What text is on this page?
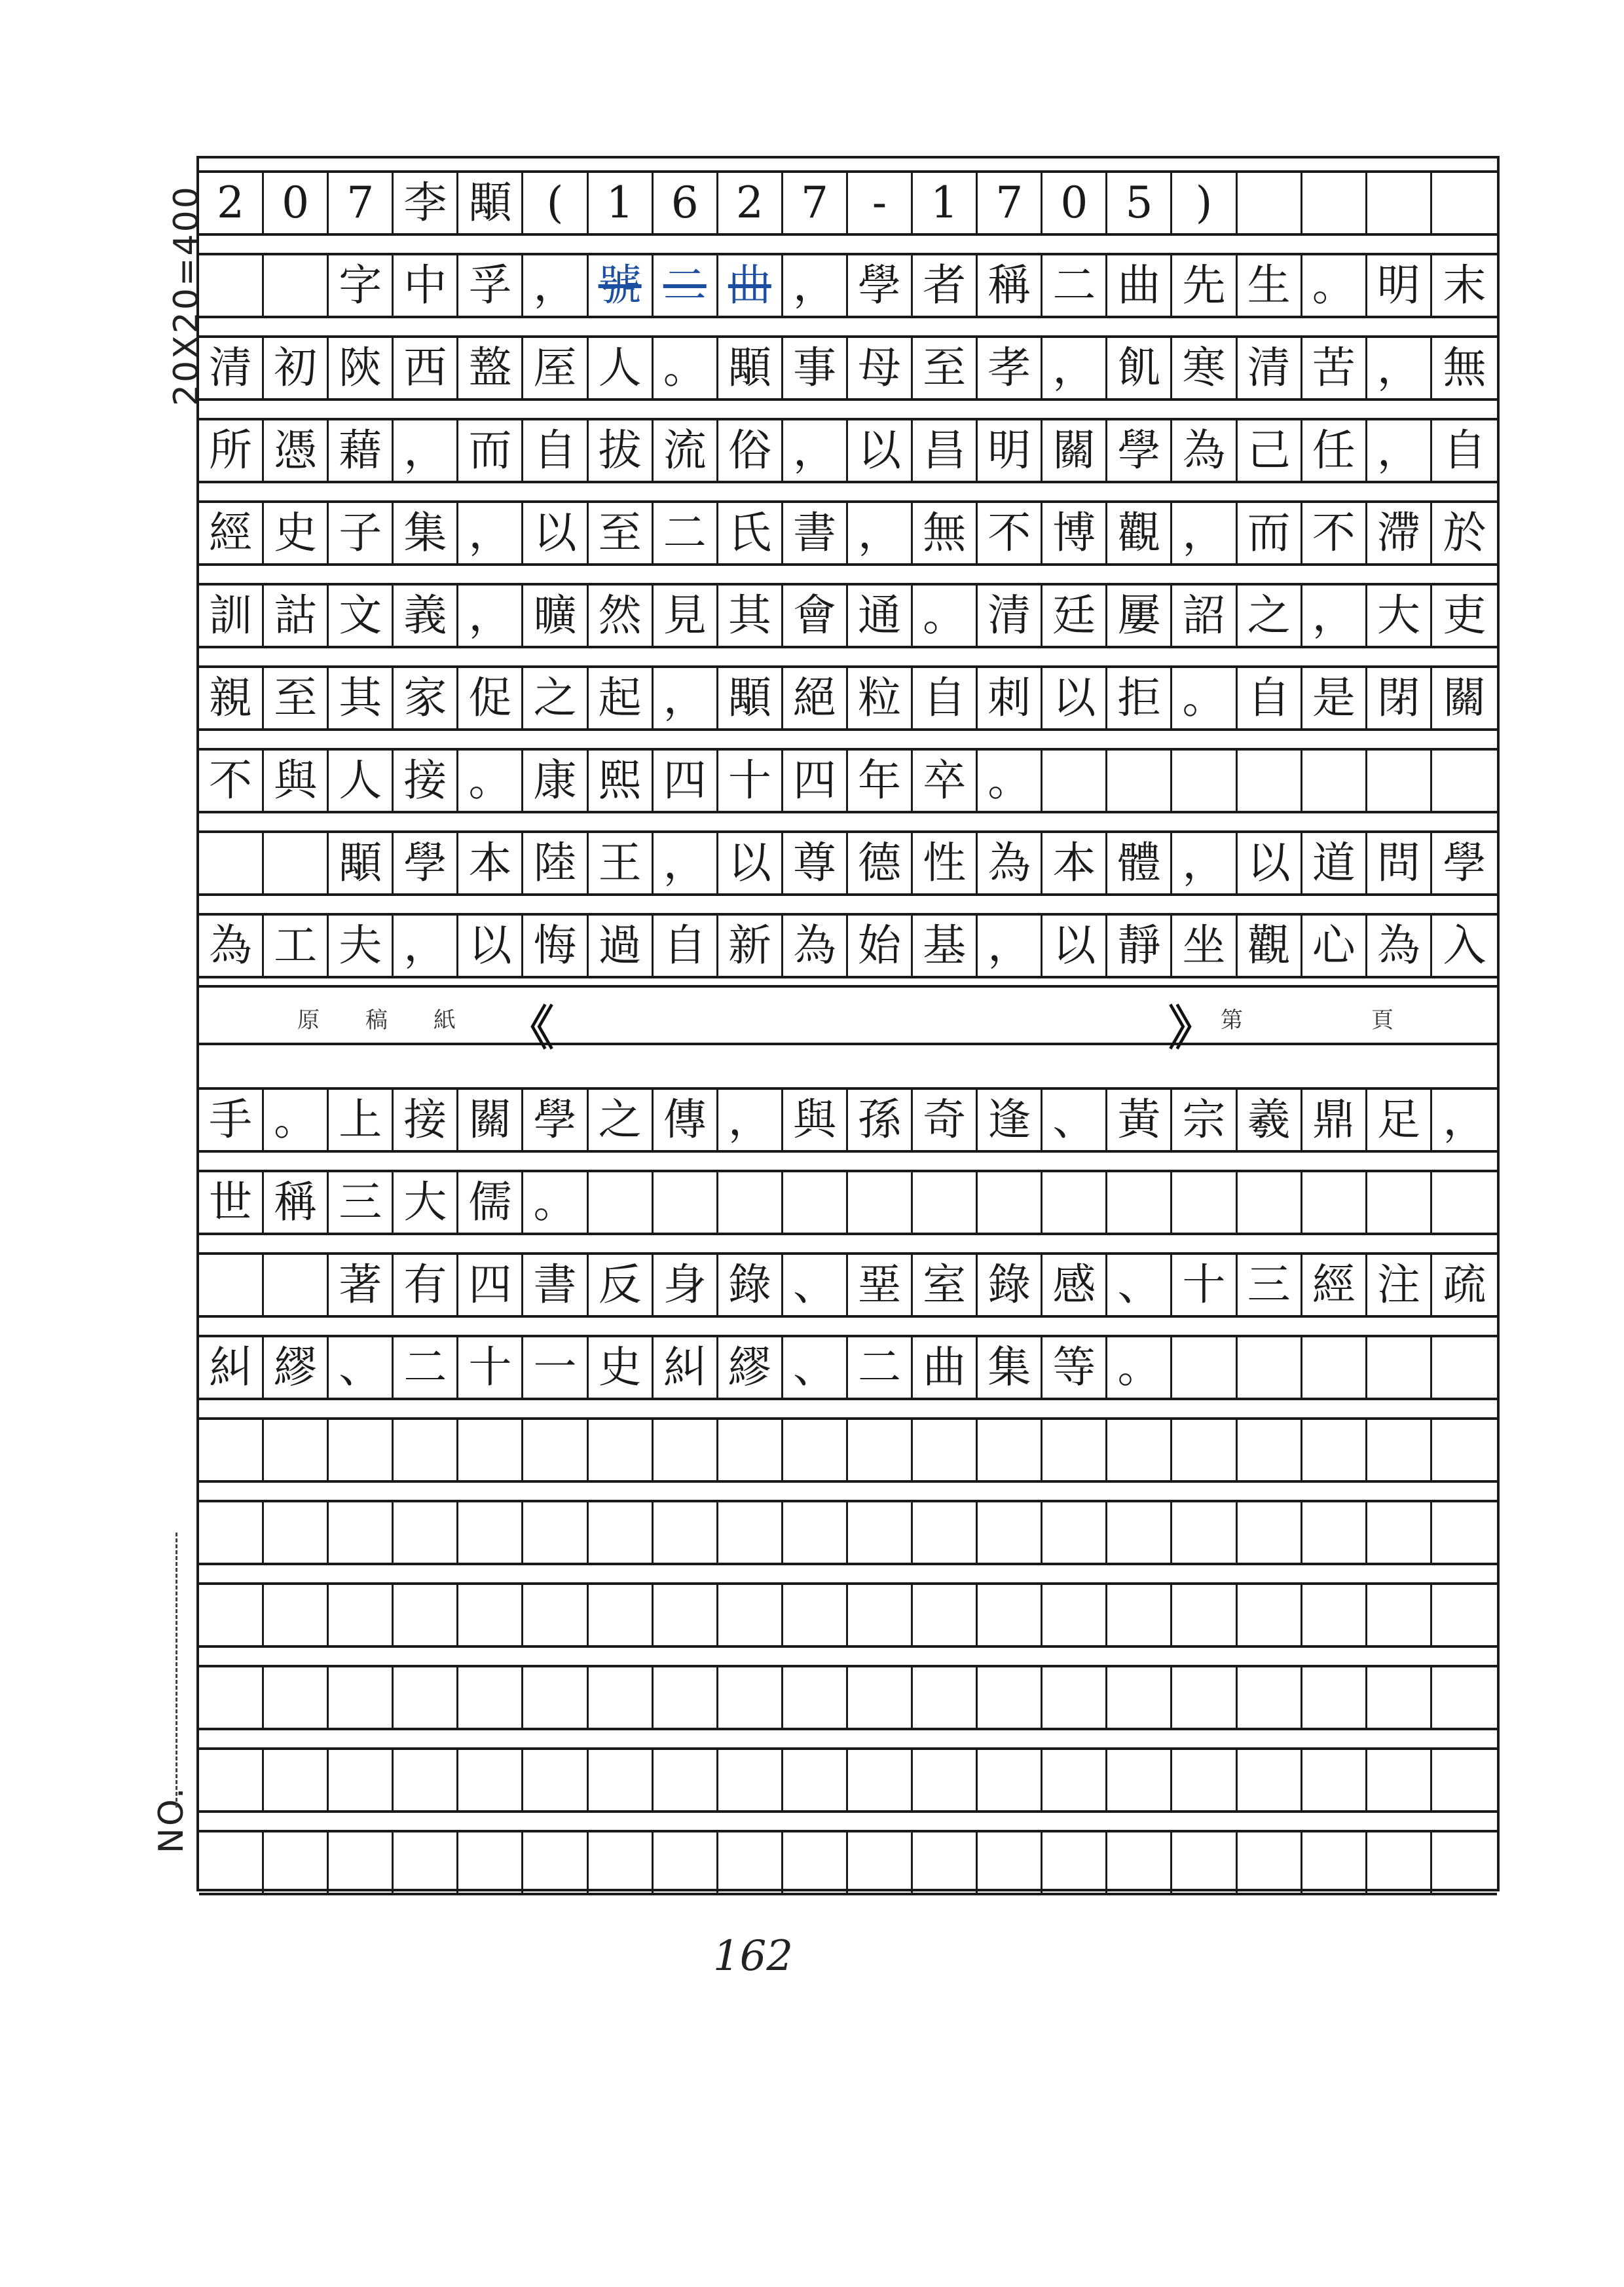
20X20=400
NO.
2 0 7 李 顒 ( 1 6 2 7	-	1 7 0 5 )
字 中 孚 ， 號 二 曲 ， 學 者 稱 二 曲 先 生 。 明 末
清 初 陝 西 盩 厔 人 。 顒 事 母 至 孝 ， 飢 寒 清 苦 ， 無
所 憑 藉 ， 而 自 拔 流 俗 ， 以 昌 明 關 學 為 己 任 ， 自
經 史 子 集 ， 以 至 二 氏 書 ， 無 不 博 觀 ， 而 不 滯 於
訓 詁 文 義 ， 曠 然 見 其 會 通 。 清 廷 屢 詔 之 ， 大 吏
親 至 其 家 促 之 起 ， 顒 絕 粒 自 刺 以 拒 。 自 是 閉 關
不 與 人 接 。 康 熙 四 十 四 年 卒 。
顒 學 本 陸 王 ， 以 尊 德 性 為 本 體 ， 以 道 問 學
為 工 夫 ， 以 悔 過 自 新 為 始 基 ， 以 靜 坐 觀 心 為 入
手 。 上 接 關 學 之 傳 ， 與 孫 奇 逢 、 黃 宗 羲 鼎 足 ，
世 稱 三 大 儒 。
著 有 四 書 反 身 錄 、 堊 室 錄 感 、 十 三 經 注 疏
糾 繆 、 二 十 一 史 糾 繆 、 二 曲 集 等 。
原稿紙 《	》 第	頁
162
